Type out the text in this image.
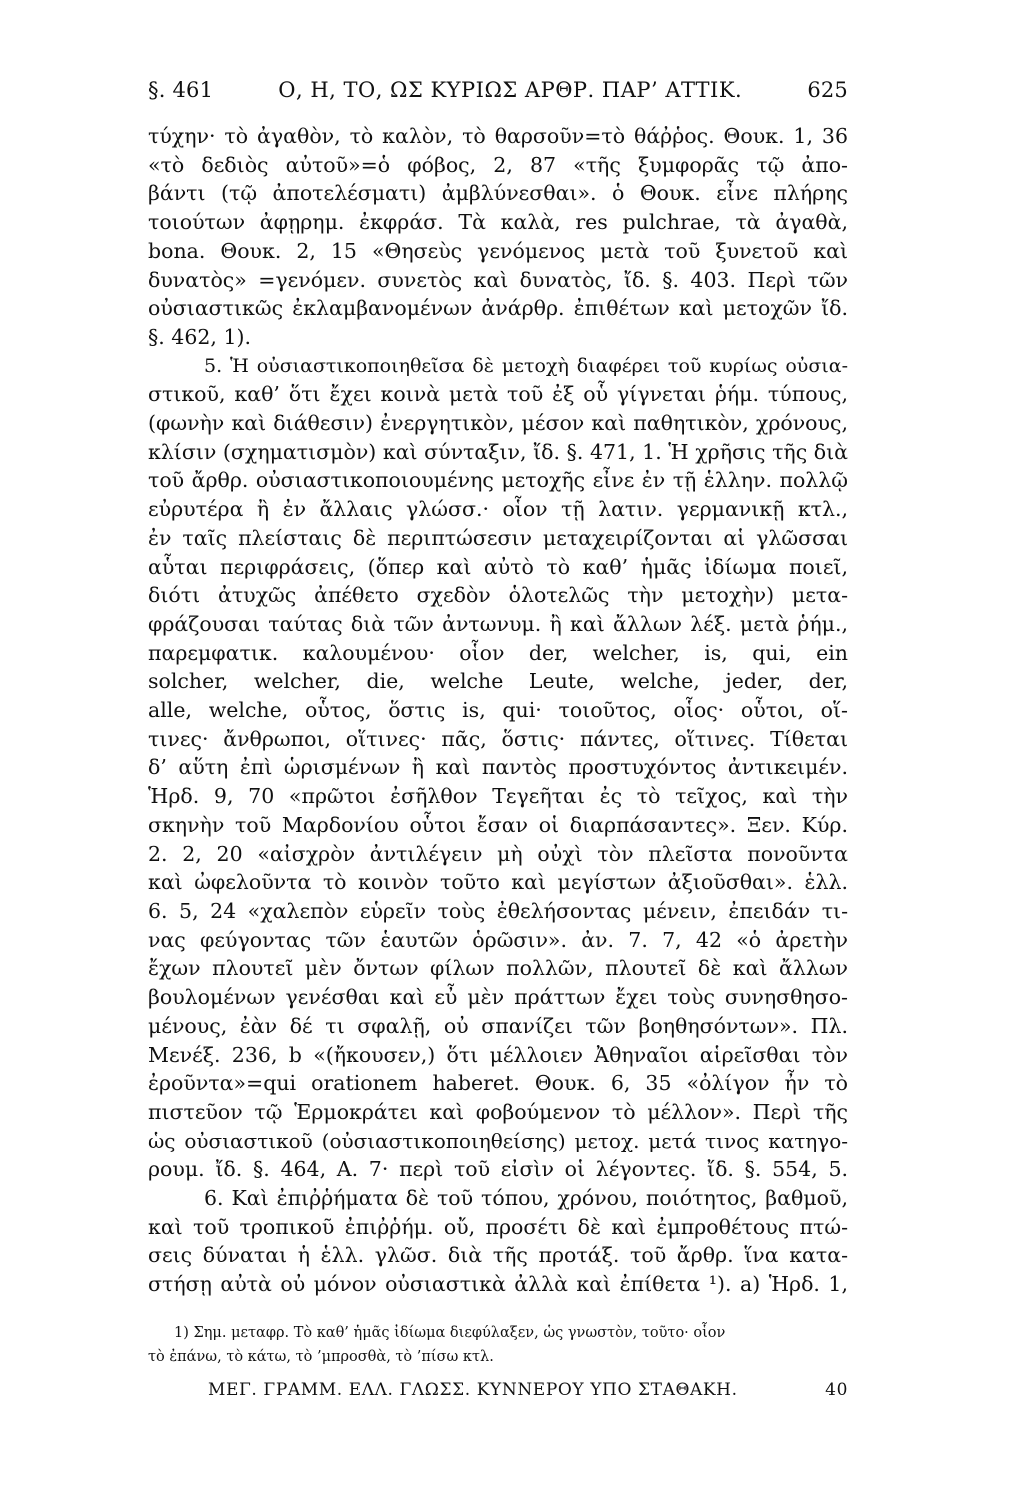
§. 461	Ο, Η, ΤΟ, ΩΣ ΚΥΡΙΩΣ ΑΡΘΡ. ΠΑΡ’ ΑΤΤΙΚ.	625
τύχην· τὸ ἀγαθὸν, τὸ καλὸν, τὸ θαρσοῦν=τὸ θάῤῥος. Θουκ. 1, 36
«τὸ δεδιὸς αὐτοῦ»=ὁ φόβος, 2, 87 «τῆς ξυμφορᾶς τῷ ἀπο-
βάντι (τῷ ἀποτελέσματι) ἀμβλύνεσθαι». ὁ Θουκ. εἶνε πλήρης
τοιούτων ἀφῃρημ. ἐκφράσ. Τὰ καλὰ, res pulchrae, τὰ ἀγαθὰ,
bona. Θουκ. 2, 15 «Θησεὺς γενόμενος μετὰ τοῦ ξυνετοῦ καὶ
δυνατὸς» =γενόμεν. συνετὸς καὶ δυνατὸς, ἴδ. §. 403. Περὶ τῶν
οὐσιαστικῶς ἐκλαμβανομένων ἀνάρθρ. ἐπιθέτων καὶ μετοχῶν ἴδ.
§. 462, 1).
5. Ἡ οὐσιαστικοποιηθεῖσα δὲ μετοχὴ διαφέρει τοῦ κυρίως οὐσια-
στικοῦ, καθ’ ὅτι ἔχει κοινὰ μετὰ τοῦ ἐξ οὗ γίγνεται ῥήμ. τύπους,
(φωνὴν καὶ διάθεσιν) ἐνεργητικὸν, μέσον καὶ παθητικὸν, χρόνους,
κλίσιν (σχηματισμὸν) καὶ σύνταξιν, ἴδ. §. 471, 1. Ἡ χρῆσις τῆς διὰ
τοῦ ἄρθρ. οὐσιαστικοποιουμένης μετοχῆς εἶνε ἐν τῇ ἑλλην. πολλῷ
εὐρυτέρα ἢ ἐν ἄλλαις γλώσσ.· οἷον τῇ λατιν. γερμανικῇ κτλ.,
ἐν ταῖς πλείσταις δὲ περιπτώσεσιν μεταχειρίζονται αἱ γλῶσσαι
αὗται περιφράσεις, (ὅπερ καὶ αὐτὸ τὸ καθ’ ἡμᾶς ἰδίωμα ποιεῖ,
διότι ἀτυχῶς ἀπέθετο σχεδὸν ὁλοτελῶς τὴν μετοχὴν) μετα-
φράζουσαι ταύτας διὰ τῶν ἀντωνυμ. ἢ καὶ ἄλλων λέξ. μετὰ ῥήμ.,
παρεμφατικ. καλουμένου· οἷον der, welcher, is, qui, ein
solcher, welcher, die, welche Leute, welche, jeder, der,
alle, welche, οὗτος, ὅστις is, qui· τοιοῦτος, οἷος· οὗτοι, οἵ-
τινες· ἄνθρωποι, οἵτινες· πᾶς, ὅστις· πάντες, οἵτινες. Τίθεται
δ’ αὕτη ἐπὶ ὡρισμένων ἢ καὶ παντὸς προστυχόντος ἀντικειμέν.
Ἡρδ. 9, 70 «πρῶτοι ἐσῆλθον Τεγεῆται ἐς τὸ τεῖχος, καὶ τὴν
σκηνὴν τοῦ Μαρδονίου οὗτοι ἔσαν οἱ διαρπάσαντες». Ξεν. Κύρ.
2. 2, 20 «αἰσχρὸν ἀντιλέγειν μὴ οὐχὶ τὸν πλεῖστα πονοῦντα
καὶ ὠφελοῦντα τὸ κοινὸν τοῦτο καὶ μεγίστων ἀξιοῦσθαι». ἑλλ.
6. 5, 24 «χαλεπὸν εὑρεῖν τοὺς ἐθελήσοντας μένειν, ἐπειδάν τι-
νας φεύγοντας τῶν ἑαυτῶν ὁρῶσιν». ἀν. 7. 7, 42 «ὁ ἀρετὴν
ἔχων πλουτεῖ μὲν ὄντων φίλων πολλῶν, πλουτεῖ δὲ καὶ ἄλλων
βουλομένων γενέσθαι καὶ εὖ μὲν πράττων ἔχει τοὺς συνησθησο-
μένους, ἐὰν δέ τι σφαλῇ, οὐ σπανίζει τῶν βοηθησόντων». Πλ.
Μενέξ. 236, b «(ἤκουσεν,) ὅτι μέλλοιεν Ἀθηναῖοι αἱρεῖσθαι τὸν
ἐροῦντα»=qui orationem haberet. Θουκ. 6, 35 «ὀλίγον ἦν τὸ
πιστεῦον τῷ Ἑρμοκράτει καὶ φοβούμενον τὸ μέλλον». Περὶ τῆς
ὡς οὐσιαστικοῦ (οὐσιαστικοποιηθείσης) μετοχ. μετά τινος κατηγο-
ρουμ. ἴδ. §. 464, Α. 7· περὶ τοῦ εἰσὶν οἱ λέγοντες. ἴδ. §. 554, 5.
6. Καὶ ἐπιῤῥήματα δὲ τοῦ τόπου, χρόνου, ποιότητος, βαθμοῦ,
καὶ τοῦ τροπικοῦ ἐπιῤῥήμ. οὔ, προσέτι δὲ καὶ ἐμπροθέτους πτώ-
σεις δύναται ἡ ἑλλ. γλῶσ. διὰ τῆς προτάξ. τοῦ ἄρθρ. ἵνα κατα-
στήσῃ αὐτὰ οὐ μόνον οὐσιαστικὰ ἀλλὰ καὶ ἐπίθετα ¹). a) Ἡρδ. 1,
1) Σημ. μεταφρ. Τὸ καθ’ ἡμᾶς ἰδίωμα διεφύλαξεν, ὡς γνωστὸν, τοῦτο· οἷον
τὸ ἐπάνω, τὸ κάτω, τὸ ’μπροσθὰ, τὸ ’πίσω κτλ.
ΜΕΓ. ΓΡΑΜΜ. ΕΛΛ. ΓΛΩΣΣ. ΚΥΝΝΕΡΟΥ ΥΠΟ ΣΤΑΘΑΚΗ.	40
